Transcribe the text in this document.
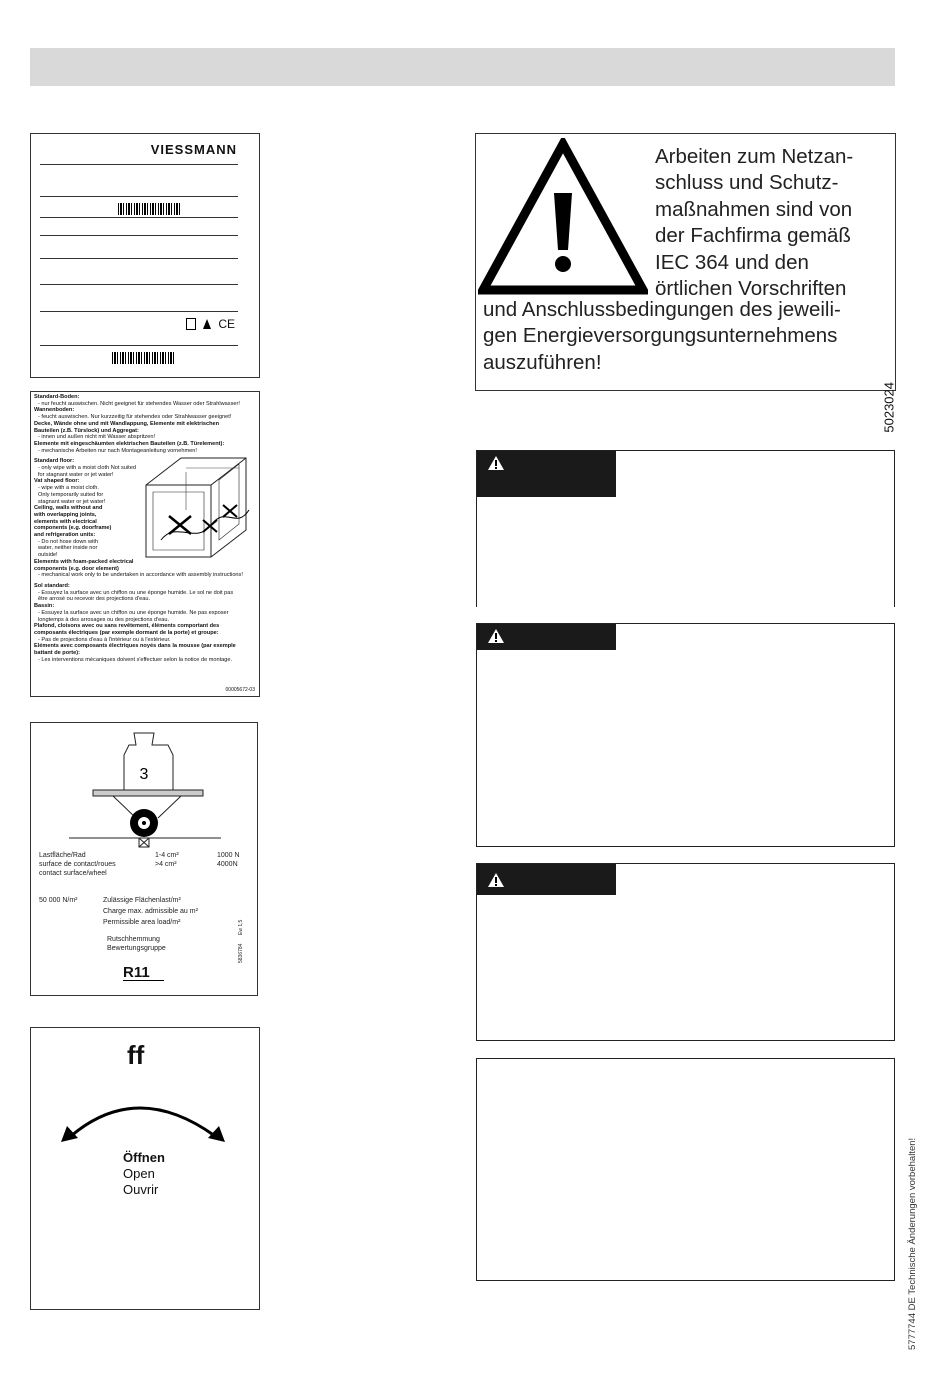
VIESSMANN
CE
Standard-Boden:
- nur feucht auswischen. Nicht geeignet für stehendes Wasser oder Strahlwasser!
Wannenboden:
- feucht auswischen. Nur kurzzeitig für stehendes oder Strahlwasser geeignet!
Decke, Wände ohne und mit Wandlappung, Elemente mit elektrischen
Bauteilen (z.B. Türslock) und Aggregat:
- innen und außen nicht mit Wasser abspritzen!
Elemente mit eingeschäumten elektrischen Bauteilen (z.B. Türelement):
- mechanische Arbeiten nur nach Montageanleitung vornehmen!
Standard floor:
- only wipe with a moist cloth Not suited
for stagnant water or jet water!
Vat shaped floor:
- wipe with a moist cloth.
Only temporarily suited for
stagnant water or jet water!
Ceiling, walls without and
with overlapping joints,
elements with electrical
components (e.g. doorframe)
and refrigeration units:
- Do not hose down with
water, neither inside nor
outside!
Elements with foam-packed electrical
components (e.g. door element)
- mechanical work only to be undertaken in accordance with assembly instructions!
Sol standard:
- Essuyez la surface avec un chiffon ou une éponge humide. Le sol ne doit pas
être arrosé ou recevoir des projections d'eau.
Bassin:
- Essuyez la surface avec un chiffon ou une éponge humide. Ne pas exposer
longtemps à des arrosages ou des projections d'eau.
Plafond, cloisons avec ou sans revêtement, éléments comportant des
composants électriques (par exemple dormant de la porte) et groupe:
- Pas de projections d'eau à l'intérieur ou à l'extérieur.
Eléments avec composants électriques noyés dans la mousse (par exemple
battant de porte):
- Les interventions mécaniques doivent s'effectuer selon la notice de montage.
00005672-03
3
Lastfläche/Rad	1-4 cm²	1000 N
surface de contact/roues	>4 cm²	4000N
contact surface/wheel
50 000 N/m²	Zulässige Flächenlast/m²
Charge max. admissible au m²
Permissible area load/m²
Rutschhemmung
Bewertungsgruppe
R11
5836784
Ew 1,5
ff
Öffnen
Open
Ouvrir
Arbeiten zum Netzan-
schluss und Schutz-
maßnahmen sind von
der Fachfirma gemäß
IEC 364 und den
örtlichen Vorschriften
und Anschlussbedingungen des jeweili-
gen Energieversorgungsunternehmens
auszuführen!
5023024
5777744 DE Technische Änderungen vorbehalten!
